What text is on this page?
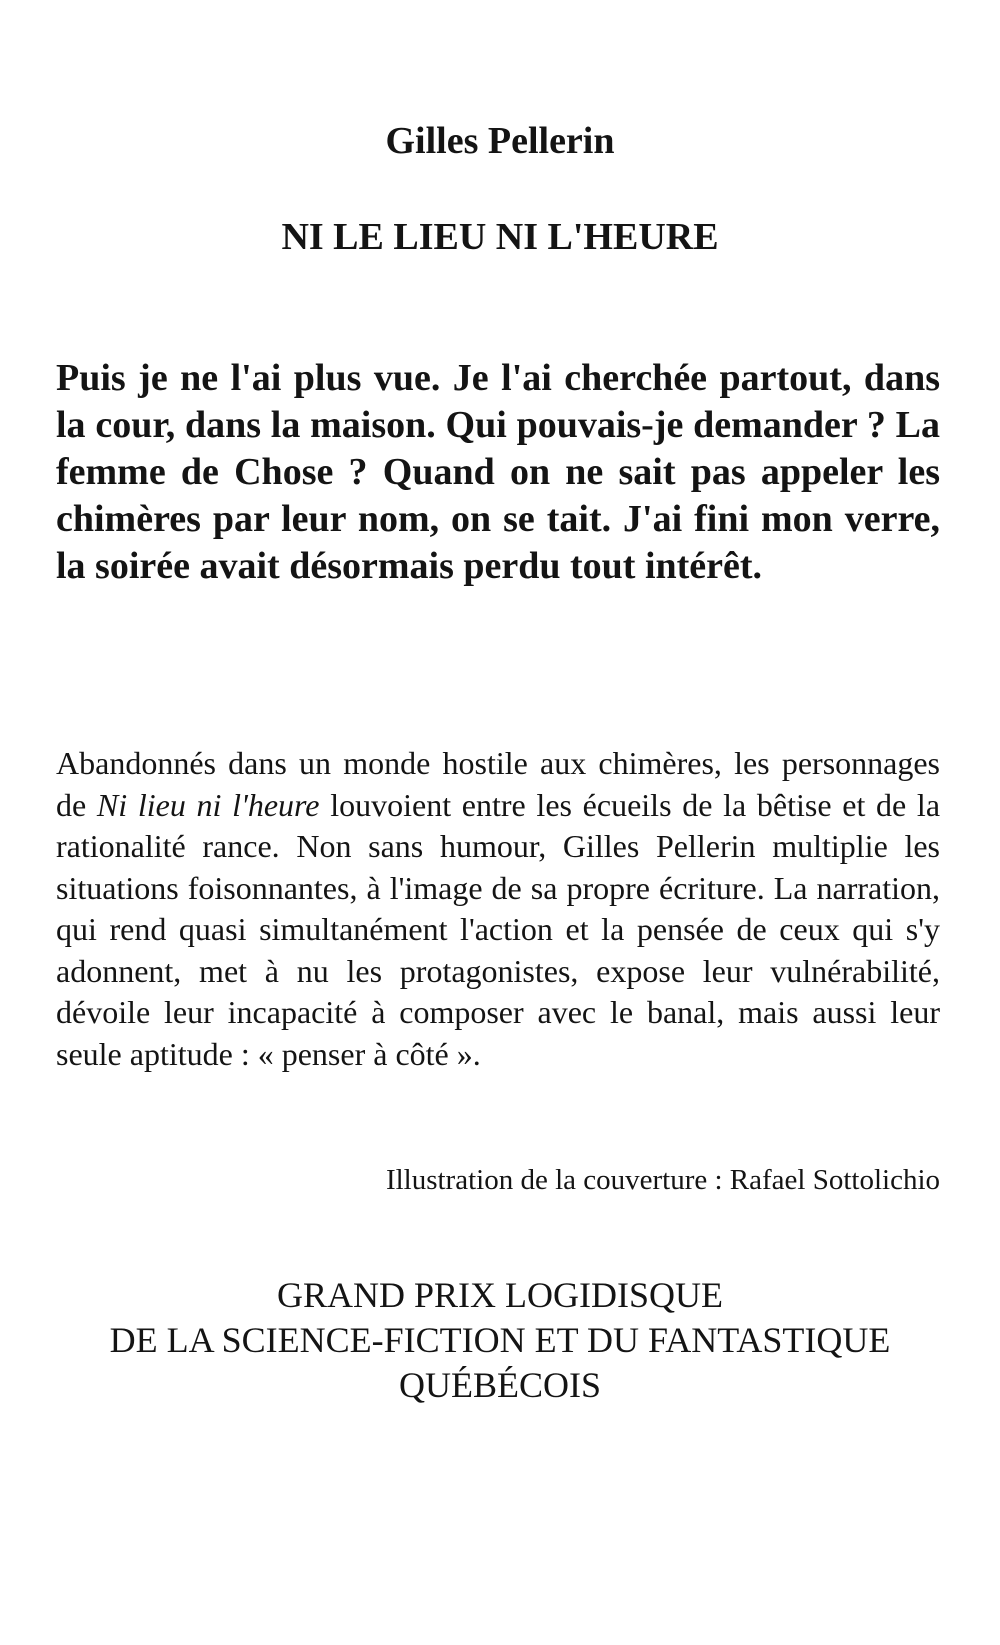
Gilles Pellerin
NI LE LIEU NI L'HEURE

Puis je ne l'ai plus vue. Je l'ai cherchée partout, dans la cour, dans la maison. Qui pouvais-je demander ? La femme de Chose ? Quand on ne sait pas appeler les chimères par leur nom, on se tait. J'ai fini mon verre, la soirée avait désormais perdu tout intérêt.

Abandonnés dans un monde hostile aux chimères, les personnages de Ni lieu ni l'heure louvoient entre les écueils de la bêtise et de la rationalité rance. Non sans humour, Gilles Pellerin multiplie les situations foisonnantes, à l'image de sa propre écriture. La narration, qui rend quasi simultanément l'action et la pensée de ceux qui s'y adonnent, met à nu les protagonistes, expose leur vulnérabilité, dévoile leur incapacité à composer avec le banal, mais aussi leur seule aptitude : « penser à côté ».

Illustration de la couverture : Rafael Sottolichio

GRAND PRIX LOGIDISQUE
DE LA SCIENCE-FICTION ET DU FANTASTIQUE
QUÉBÉCOIS
